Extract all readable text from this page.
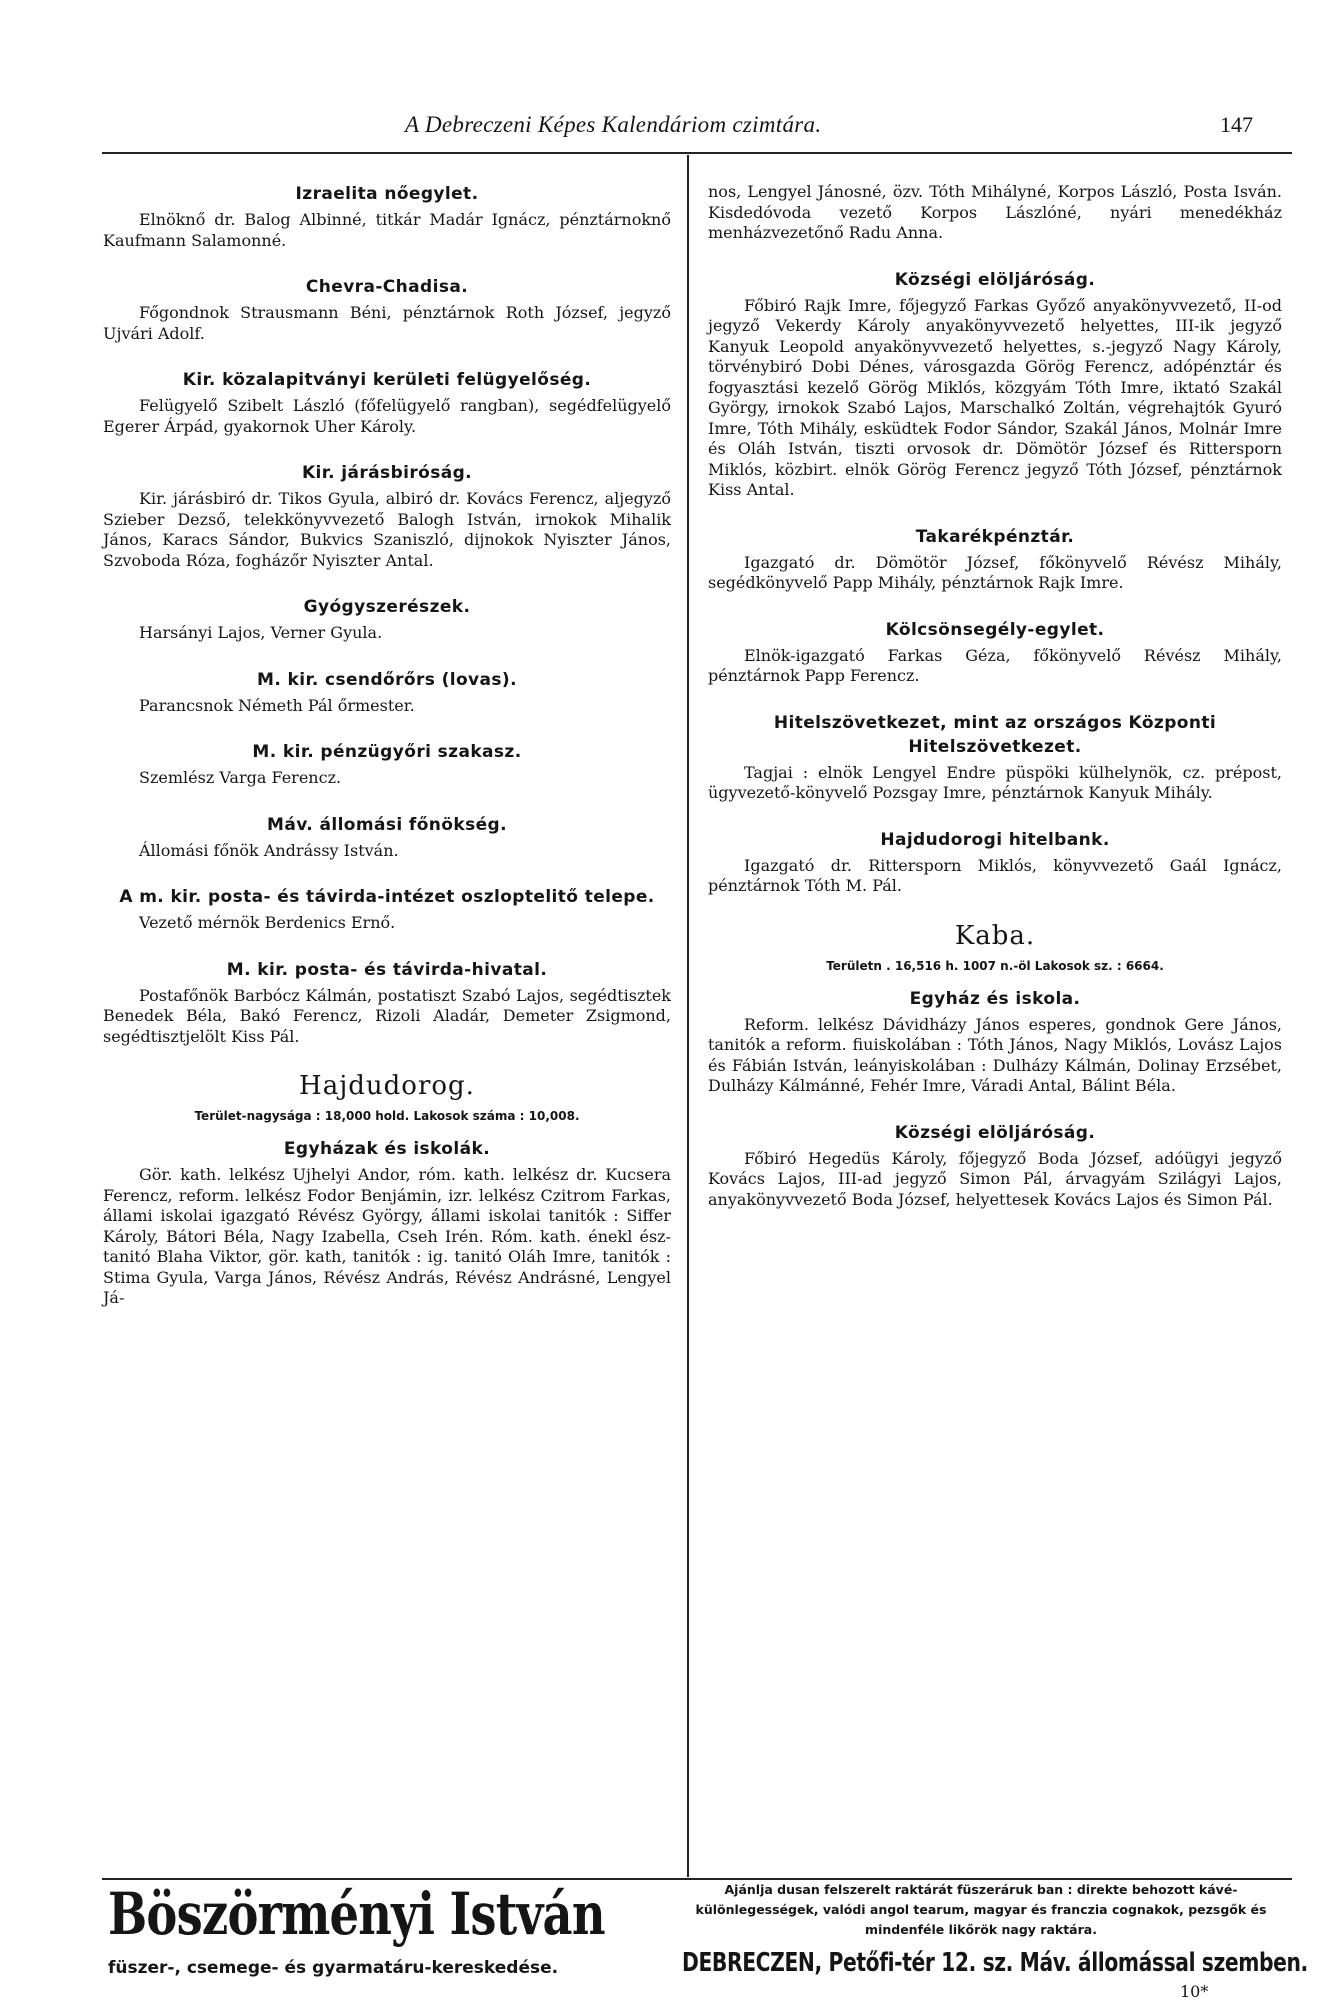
A Debreczeni Képes Kalendáriom czimtára.	147
Izraelita nőegylet.

Elnöknő dr. Balog Albinné, titkár Madár Ignácz, pénztárnoknő Kaufmann Salamonné.

Chevra-Chadisa.

Főgondnok Strausmann Béni, pénztárnok Roth József, jegyző Ujvári Adolf.

Kir. közalapitványi kerületi felügyelőség.

Felügyelő Szibelt László (főfelügyelő rangban), segédfelügyelő Egerer Árpád, gyakornok Uher Károly.

Kir. járásbiróság.

Kir. járásbiró dr. Tikos Gyula, albiró dr. Kovács Ferencz, aljegyző Szieber Dezső, telekkönyvvezető Balogh István, irnokok Mihalik János, Karacs Sándor, Bukvics Szaniszló, dijnokok Nyiszter János, Szvoboda Róza, fogházőr Nyiszter Antal.

Gyógyszerészek.

Harsányi Lajos, Verner Gyula.

M. kir. csendőrőrs (lovas).

Parancsnok Németh Pál őrmester.

M. kir. pénzügyőri szakasz.

Szemlész Varga Ferencz.

Máv. állomási főnökség.

Állomási főnök Andrássy István.

A m. kir. posta- és távirda-intézet oszloptelitő telepe.

Vezető mérnök Berdenics Ernő.

M. kir. posta- és távirda-hivatal.

Postafőnök Barbócz Kálmán, postatiszt Szabó Lajos, segédtisztek Benedek Béla, Bakó Ferencz, Rizoli Aladár, Demeter Zsigmond, segédtisztjelölt Kiss Pál.

Hajdudorog.
Terület-nagysága : 18,000 hold. Lakosok száma : 10,008.
Egyházak és iskolák.

Gör. kath. lelkész Ujhelyi Andor, róm. kath. lelkész dr. Kucsera Ferencz, reform. lelkész Fodor Benjámin, izr. lelkész Czitrom Farkas, állami iskolai igazgató Révész György, állami iskolai tanitók : Siffer Károly, Bátori Béla, Nagy Izabella, Cseh Irén. Róm. kath. énekl ész-tanitó Blaha Viktor, gör. kath, tanitók : ig. tanitó Oláh Imre, tanitók : Stima Gyula, Varga János, Révész András, Révész Andrásné, Lengyel Já-

nos, Lengyel Jánosné, özv. Tóth Mihályné, Korpos László, Posta Isván. Kisdedóvoda vezető Korpos Lászlóné, nyári menedékház menházvezetőnő Radu Anna.

Községi elöljáróság.

Főbiró Rajk Imre, főjegyző Farkas Győző anyakönyvvezető, II-od jegyző Vekerdy Károly anyakönyvvezető helyettes, III-ik jegyző Kanyuk Leopold anyakönyvvezető helyettes, s.-jegyző Nagy Károly, törvénybiró Dobi Dénes, városgazda Görög Ferencz, adópénztár és fogyasztási kezelő Görög Miklós, közgyám Tóth Imre, iktató Szakál György, irnokok Szabó Lajos, Marschalkó Zoltán, végrehajtók Gyuró Imre, Tóth Mihály, esküdtek Fodor Sándor, Szakál János, Molnár Imre és Oláh István, tiszti orvosok dr. Dömötör József és Rittersporn Miklós, közbirt. elnök Görög Ferencz jegyző Tóth József, pénztárnok Kiss Antal.

Takarékpénztár.

Igazgató dr. Dömötör József, főkönyvelő Révész Mihály, segédkönyvelő Papp Mihály, pénztárnok Rajk Imre.

Kölcsönsegély-egylet.

Elnök-igazgató Farkas Géza, főkönyvelő Révész Mihály, pénztárnok Papp Ferencz.

Hitelszövetkezet, mint az országos Központi Hitelszövetkezet.

Tagjai : elnök Lengyel Endre püspöki külhelynök, cz. prépost, ügyvezető-könyvelő Pozsgay Imre, pénztárnok Kanyuk Mihály.

Hajdudorogi hitelbank.

Igazgató dr. Rittersporn Miklós, könyvvezető Gaál Ignácz, pénztárnok Tóth M. Pál.

Kaba.
Területn . 16,516 h. 1007 n.-öl Lakosok sz. : 6664.
Egyház és iskola.

Reform. lelkész Dávidházy János esperes, gondnok Gere János, tanitók a reform. fiuiskolában : Tóth János, Nagy Miklós, Lovász Lajos és Fábián István, leányiskolában : Dulházy Kálmán, Dolinay Erzsébet, Dulházy Kálmánné, Fehér Imre, Váradi Antal, Bálint Béla.

Községi elöljáróság.

Főbiró Hegedüs Károly, főjegyző Boda József, adóügyi jegyző Kovács Lajos, III-ad jegyző Simon Pál, árvagyám Szilágyi Lajos, anyakönyvvezető Boda József, helyettesek Kovács Lajos és Simon Pál.

Böszörményi István
füszer-, csemege- és gyarmatáru-kereskedése.
Ajánlja dusan felszerelt raktárát füszeráruk ban : direkte behozott kávé-különlegességek, valódi angol tearum, magyar és franczia cognakok, pezsgők és mindenféle likőrök nagy raktára.
DEBRECZEN, Petőfi-tér 12. sz. Máv. állomással szemben.
10*
